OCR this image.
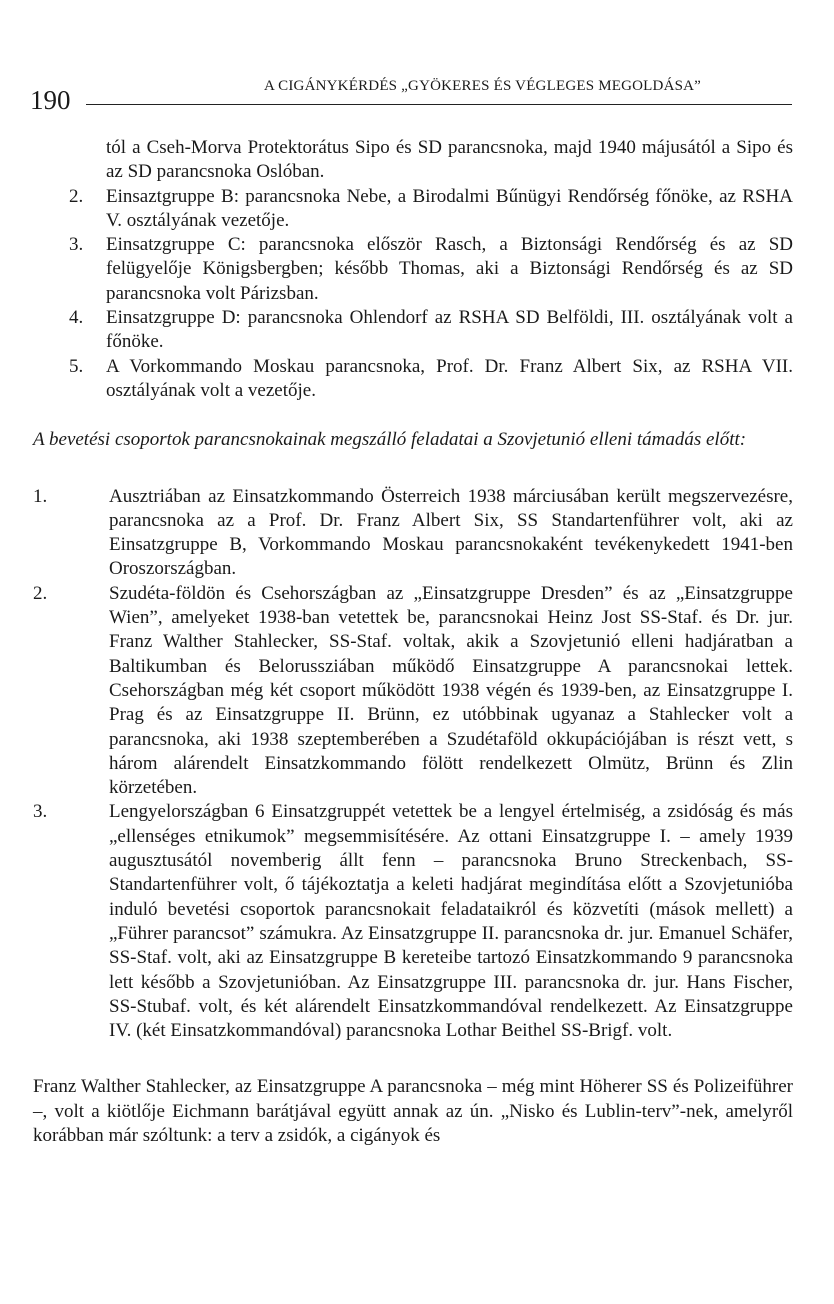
190	A CIGÁNYKÉRDÉS „GYÖKERES ÉS VÉGLEGES MEGOLDÁSA”
tól a Cseh-Morva Protektorátus Sipo és SD parancsnoka, majd 1940 májusától a Sipo és az SD parancsnoka Oslóban.
2. Einsaztgruppe B: parancsnoka Nebe, a Birodalmi Bűnügyi Rendőrség főnöke, az RSHA V. osztályának vezetője.
3. Einsatzgruppe C: parancsnoka először Rasch, a Biztonsági Rendőrség és az SD felügyelője Königsbergben; később Thomas, aki a Biztonsági Rendőrség és az SD parancsnoka volt Párizsban.
4. Einsatzgruppe D: parancsnoka Ohlendorf az RSHA SD Belföldi, III. osztályának volt a főnöke.
5. A Vorkommando Moskau parancsnoka, Prof. Dr. Franz Albert Six, az RSHA VII. osztályának volt a vezetője.
A bevetési csoportok parancsnokainak megszálló feladatai a Szovjetunió elleni támadás előtt:
1.	Ausztriában az Einsatzkommando Österreich 1938 márciusában került megszervezésre, parancsnoka az a Prof. Dr. Franz Albert Six, SS Standartenführer volt, aki az Einsatzgruppe B, Vorkommando Moskau parancsnokaként tevékenykedett 1941-ben Oroszországban.
2.	Szudéta-földön és Csehországban az „Einsatzgruppe Dresden” és az „Einsatzgruppe Wien”, amelyeket 1938-ban vetettek be, parancsnokai Heinz Jost SS-Staf. és Dr. jur. Franz Walther Stahlecker, SS-Staf. voltak, akik a Szovjetunió elleni hadjáratban a Baltikumban és Belorussziában működő Einsatzgruppe A parancsnokai lettek. Csehországban még két csoport működött 1938 végén és 1939-ben, az Einsatzgruppe I. Prag és az Einsatzgruppe II. Brünn, ez utóbbinak ugyanaz a Stahlecker volt a parancsnoka, aki 1938 szeptemberében a Szudétaföld okkupációjában is részt vett, s három alárendelt Einsatzkommando fölött rendelkezett Olmütz, Brünn és Zlin körzetében.
3.	Lengyelországban 6 Einsatzgruppét vetettek be a lengyel értelmiség, a zsidóság és más „ellenséges etnikumok” megsemmisítésére. Az ottani Einsatzgruppe I. – amely 1939 augusztusától novemberig állt fenn – parancsnoka Bruno Streckenbach, SS-Standartenführer volt, ő tájékoztatja a keleti hadjárat megindítása előtt a Szovjetunióba induló bevetési csoportok parancsnokait feladataikról és közvetíti (mások mellett) a „Führer parancsot” számukra. Az Einsatzgruppe II. parancsnoka dr. jur. Emanuel Schäfer, SS-Staf. volt, aki az Einsatzgruppe B kereteibe tartozó Einsatzkommando 9 parancsnoka lett később a Szovjetunióban. Az Einsatzgruppe III. parancsnoka dr. jur. Hans Fischer, SS-Stubaf. volt, és két alárendelt Einsatzkommandóval rendelkezett. Az Einsatzgruppe IV. (két Einsatzkommandóval) parancsnoka Lothar Beithel SS-Brigf. volt.
Franz Walther Stahlecker, az Einsatzgruppe A parancsnoka – még mint Höherer SS és Polizeiführer –, volt a kiötlője Eichmann barátjával együtt annak az ún. „Nisko és Lublin-terv”-nek, amelyről korábban már szóltunk: a terv a zsidók, a cigányok és
